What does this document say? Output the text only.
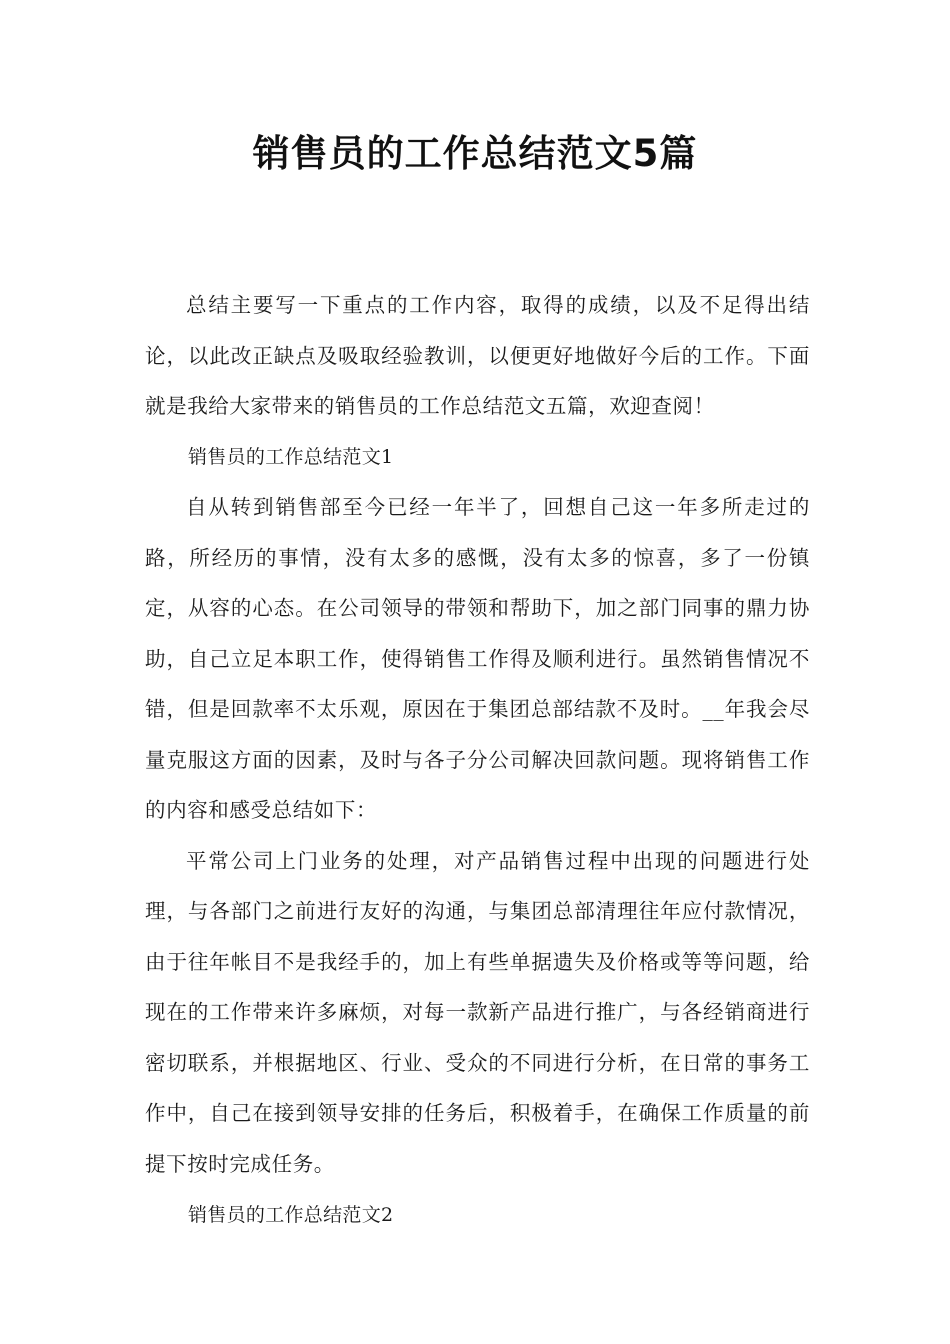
销售员的工作总结范文5篇

总结主要写一下重点的工作内容，取得的成绩，以及不足得出结论，以此改正缺点及吸取经验教训，以便更好地做好今后的工作。下面就是我给大家带来的销售员的工作总结范文五篇，欢迎查阅！

销售员的工作总结范文1

自从转到销售部至今已经一年半了，回想自己这一年多所走过的路，所经历的事情，没有太多的感慨，没有太多的惊喜，多了一份镇定，从容的心态。在公司领导的带领和帮助下，加之部门同事的鼎力协助，自己立足本职工作，使得销售工作得及顺利进行。虽然销售情况不错，但是回款率不太乐观，原因在于集团总部结款不及时。__年我会尽量克服这方面的因素，及时与各子分公司解决回款问题。现将销售工作的内容和感受总结如下：

平常公司上门业务的处理，对产品销售过程中出现的问题进行处理，与各部门之前进行友好的沟通，与集团总部清理往年应付款情况，由于往年帐目不是我经手的，加上有些单据遗失及价格或等等问题，给现在的工作带来许多麻烦，对每一款新产品进行推广，与各经销商进行密切联系，并根据地区、行业、受众的不同进行分析，在日常的事务工作中，自己在接到领导安排的任务后，积极着手，在确保工作质量的前提下按时完成任务。

销售员的工作总结范文2
